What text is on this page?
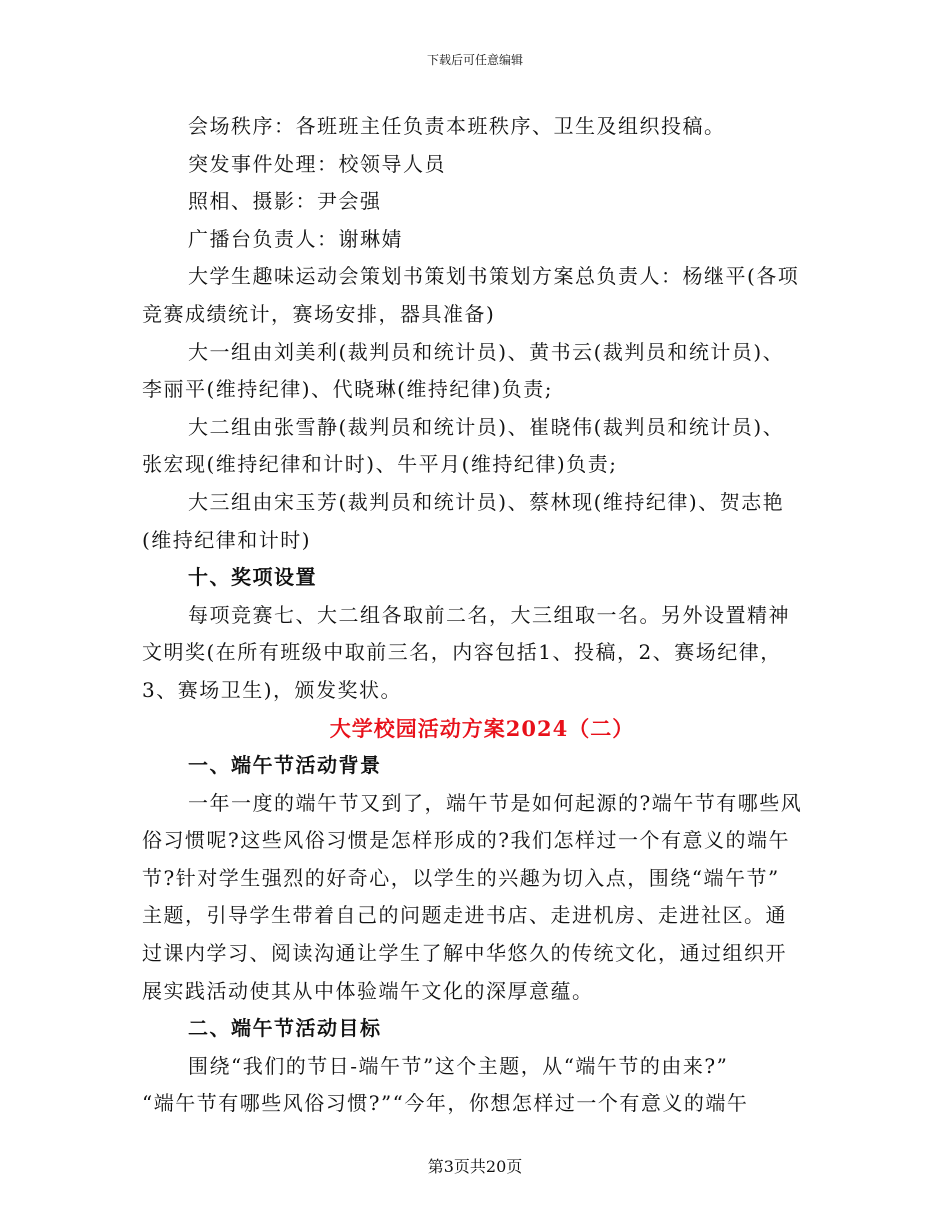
下载后可任意编辑

会场秩序：各班班主任负责本班秩序、卫生及组织投稿。

突发事件处理：校领导人员

照相、摄影：尹会强

广播台负责人：谢琳婧

大学生趣味运动会策划书策划书策划方案总负责人：杨继平(各项
竞赛成绩统计，赛场安排，器具准备)
大一组由刘美利(裁判员和统计员)、黄书云(裁判员和统计员)、
李丽平(维持纪律)、代晓琳(维持纪律)负责;
大二组由张雪静(裁判员和统计员)、崔晓伟(裁判员和统计员)、
张宏现(维持纪律和计时)、牛平月(维持纪律)负责;
大三组由宋玉芳(裁判员和统计员)、蔡林现(维持纪律)、贺志艳
(维持纪律和计时)

十、奖项设置

每项竞赛七、大二组各取前二名，大三组取一名。另外设置精神
文明奖(在所有班级中取前三名，内容包括1、投稿，2、赛场纪律，
3、赛场卫生)，颁发奖状。

大学校园活动方案2024（二）

一、端午节活动背景

一年一度的端午节又到了，端午节是如何起源的?端午节有哪些风
俗习惯呢?这些风俗习惯是怎样形成的?我们怎样过一个有意义的端午
节?针对学生强烈的好奇心，以学生的兴趣为切入点，围绕“端午节”
主题，引导学生带着自己的问题走进书店、走进机房、走进社区。通
过课内学习、阅读沟通让学生了解中华悠久的传统文化，通过组织开
展实践活动使其从中体验端午文化的深厚意蕴。

二、端午节活动目标

围绕“我们的节日-端午节”这个主题，从“端午节的由来?”
“端午节有哪些风俗习惯?”“今年，你想怎样过一个有意义的端午
第3页共20页
